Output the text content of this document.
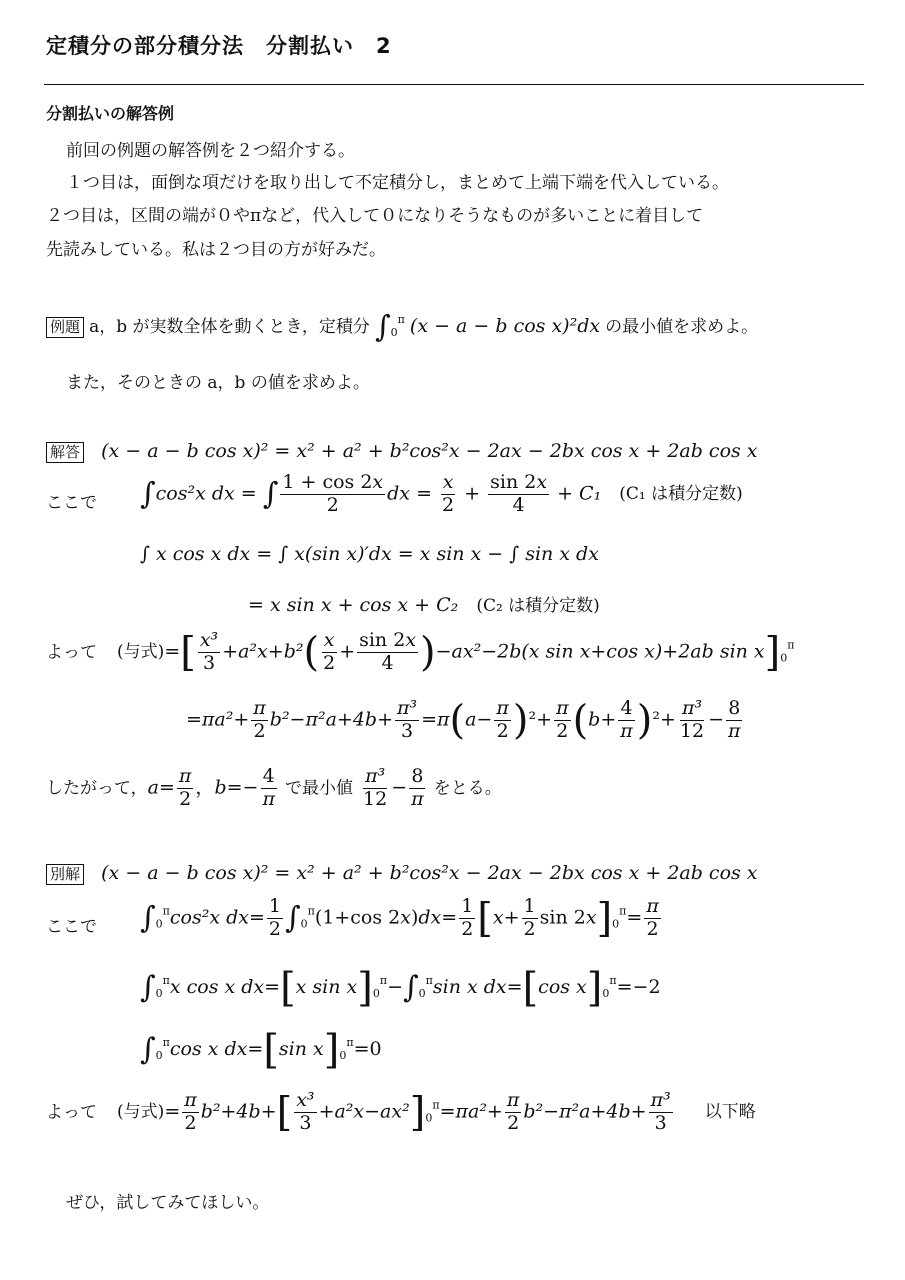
定積分の部分積分法　分割払い　2
分割払いの解答例
前回の例題の解答例を２つ紹介する。
１つ目は，面倒な項だけを取り出して不定積分し，まとめて上端下端を代入している。
２つ目は，区間の端が０やπなど，代入して０になりそうなものが多いことに着目して
先読みしている。私は２つ目の方が好みだ。
例題 a，b が実数全体を動くとき，定積分 $\int_0^\pi$ (x − a − b cos x)²dx の最小値を求めよ。
また，そのときの a，b の値を求めよ。
解答 (x − a − b cos x)² = x² + a² + b²cos²x − 2ax − 2bx cos x + 2ab cos x
ここで ∫cos²x dx = ∫ $\frac{1 + \cos 2x}{2}$ dx = $\frac{x}{2} + \frac{\sin 2x}{4} + C_1$ (C₁ は積分定数)
∫ x cos x dx = ∫ x(sin x)′dx = x sin x − ∫ sin x dx
= x sin x + cos x + C₂ (C₂ は積分定数)
よって (与式)=[ $\frac{\text{x³}}{3} +a^2x+b^2( \frac{x}{2} + \frac{\sin 2x}{4} )-ax^2-2b(x$ sin x+cos x)+2ab $\sin x]_0^\pi$
$=\pi a^2+ \frac{\pi}{2} b^2-\pi^2a+4b+ \frac{\text{π³}}{3} =\pi(a- \frac{\pi}{2} )^2+ \frac{\pi}{2} (b+ \frac{4}{\pi} )^2+ \frac{\text{π³}}{12} - \frac{8}{\pi}$
したがって，$a= \frac{\pi}{2}$ ，$b=- \frac{4}{\pi}$ で最小値 $\frac{\text{π³}}{12} - \frac{8}{\pi}$ をとる。
別解 (x − a − b cos x)² = x² + a² + b²cos²x − 2ax − 2bx cos x + 2ab cos x
ここで $\int_0^\pi\cos^2x$ $dx= \frac{1}{2} \int_0^\pi(1+\cos$ $2x)dx= \frac{1}{2} [x+ \frac{1}{2}$ $\sin 2x]_0^\pi= \frac{\pi}{2}$
$\int_0^\pi x$ cos x dx=[x $\sin x]_0^\pi-\int_0^\pi\sin$ x dx=[cos $x]_0^\pi=-2$
$\int_0^\pi\cos$ x dx=[sin $x]_0^\pi=0$
よって (与式)= $\frac{\pi}{2} b^2+4b+[ \frac{\text{x³}}{3} +a^2x-ax^2]_0^\pi=\pi a^2+ \frac{\pi}{2} b^2-\pi^2a+4b+ \frac{\text{π³}}{3}$ 以下略
ぜひ，試してみてほしい。
